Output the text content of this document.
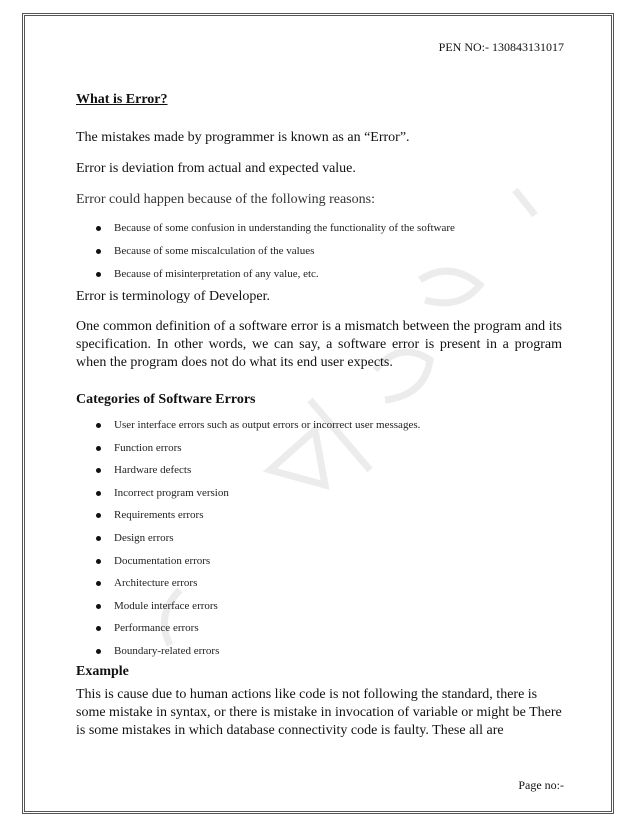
PEN NO:- 130843131017
What is Error?

The mistakes made by programmer is known as an “Error”.

Error is deviation from actual and expected value.

Error could happen because of the following reasons:

Because of some confusion in understanding the functionality of the software
Because of some miscalculation of the values
Because of misinterpretation of any value, etc.

Error is terminology of Developer.

One common definition of a software error is a mismatch between the program and its specification. In other words, we can say, a software error is present in a program when the program does not do what its end user expects.

Categories of Software Errors
User interface errors such as output errors or incorrect user messages.
Function errors
Hardware defects
Incorrect program version
Requirements errors
Design errors
Documentation errors
Architecture errors
Module interface errors
Performance errors
Boundary-related errors
Example

This is cause due to human actions like code is not following the standard, there is some mistake in syntax, or there is mistake in invocation of variable or might be There is some mistakes in which database connectivity code is faulty. These all are

Page no:-
